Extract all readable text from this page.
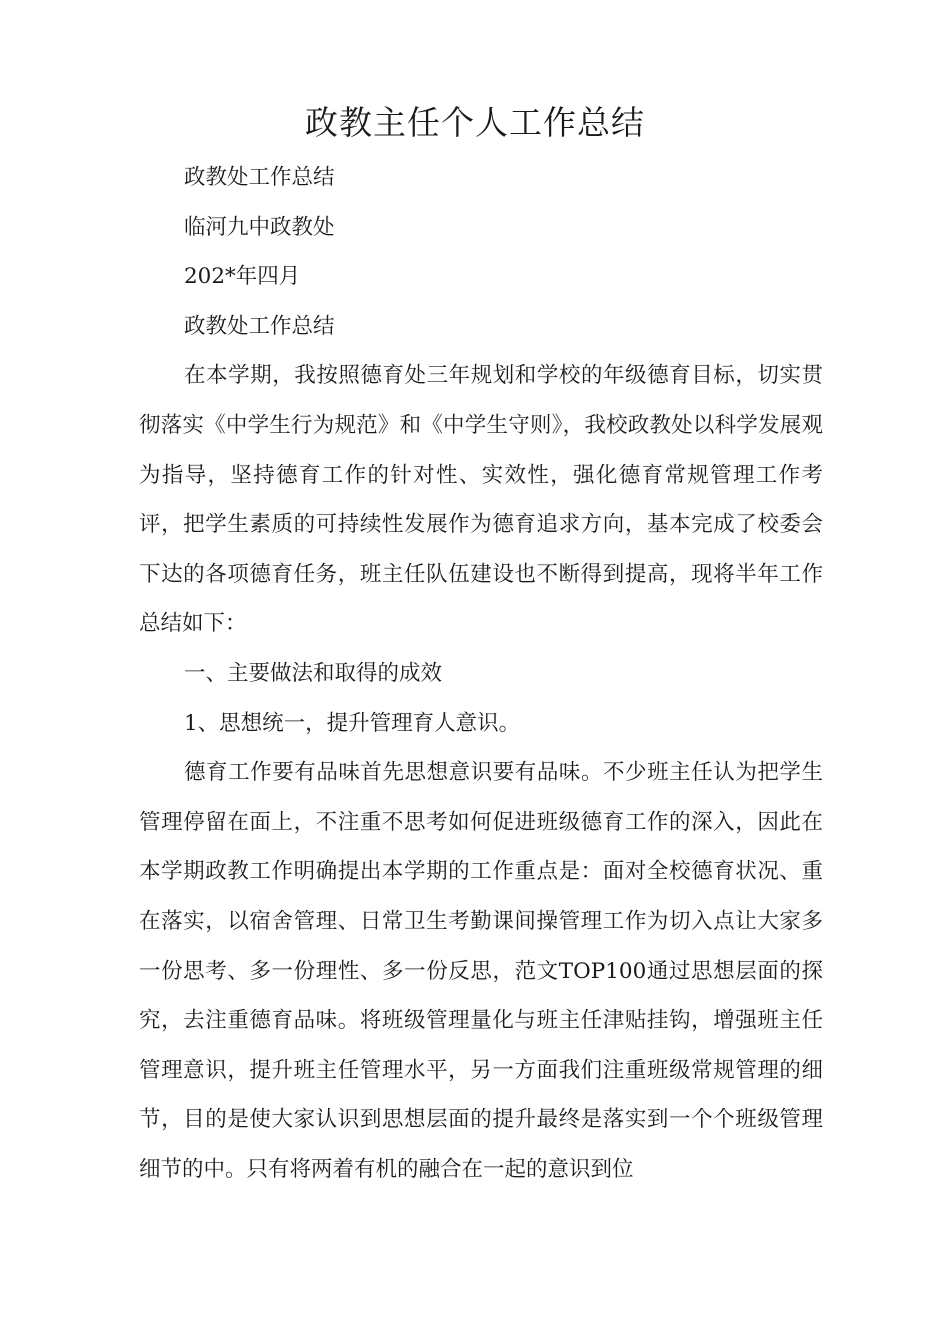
政教主任个人工作总结

政教处工作总结

临河九中政教处

202*年四月

政教处工作总结

在本学期，我按照德育处三年规划和学校的年级德育目标，切实贯彻落实《中学生行为规范》和《中学生守则》，我校政教处以科学发展观为指导，坚持德育工作的针对性、实效性，强化德育常规管理工作考评，把学生素质的可持续性发展作为德育追求方向，基本完成了校委会下达的各项德育任务，班主任队伍建设也不断得到提高，现将半年工作总结如下：

一、主要做法和取得的成效

1、思想统一，提升管理育人意识。

德育工作要有品味首先思想意识要有品味。不少班主任认为把学生管理停留在面上，不注重不思考如何促进班级德育工作的深入，因此在本学期政教工作明确提出本学期的工作重点是：面对全校德育状况、重在落实，以宿舍管理、日常卫生考勤课间操管理工作为切入点让大家多一份思考、多一份理性、多一份反思，范文TOP100通过思想层面的探究，去注重德育品味。将班级管理量化与班主任津贴挂钩，增强班主任管理意识，提升班主任管理水平，另一方面我们注重班级常规管理的细节，目的是使大家认识到思想层面的提升最终是落实到一个个班级管理细节的中。只有将两着有机的融合在一起的意识到位
